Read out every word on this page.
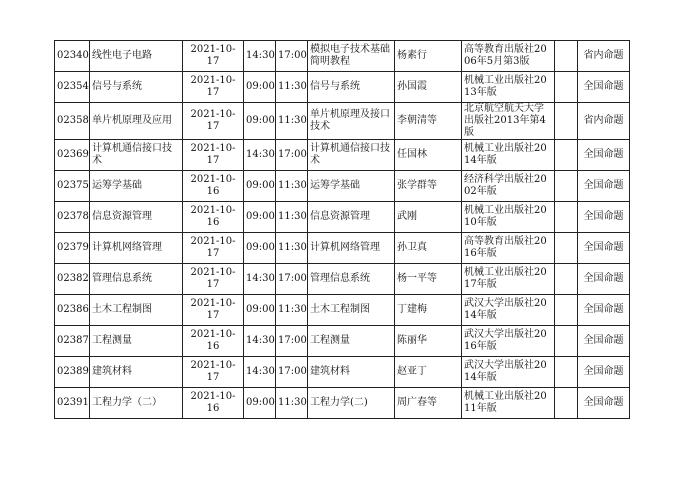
02340	线性电子电路	2021-10-17	14:30	17:00	模拟电子技术基础简明教程	杨素行	高等教育出版社2006年5月第3版		省内命题
02354	信号与系统	2021-10-17	09:00	11:30	信号与系统	孙国霞	机械工业出版社2013年版		全国命题
02358	单片机原理及应用	2021-10-17	09:00	11:30	单片机原理及接口技术	李朝清等	北京航空航天大学出版社2013年第4版		省内命题
02369	计算机通信接口技术	2021-10-17	14:30	17:00	计算机通信接口技术	任国林	机械工业出版社2014年版		全国命题
02375	运筹学基础	2021-10-16	09:00	11:30	运筹学基础	张学群等	经济科学出版社2002年版		全国命题
02378	信息资源管理	2021-10-16	09:00	11:30	信息资源管理	武刚	机械工业出版社2010年版		全国命题
02379	计算机网络管理	2021-10-17	09:00	11:30	计算机网络管理	孙卫真	高等教育出版社2016年版		全国命题
02382	管理信息系统	2021-10-17	14:30	17:00	管理信息系统	杨一平等	机械工业出版社2017年版		全国命题
02386	土木工程制图	2021-10-17	09:00	11:30	土木工程制图	丁建梅	武汉大学出版社2014年版		全国命题
02387	工程测量	2021-10-16	14:30	17:00	工程测量	陈丽华	武汉大学出版社2016年版		全国命题
02389	建筑材料	2021-10-17	14:30	17:00	建筑材料	赵亚丁	武汉大学出版社2014年版		全国命题
02391	工程力学（二）	2021-10-16	09:00	11:30	工程力学(二)	周广春等	机械工业出版社2011年版		全国命题
